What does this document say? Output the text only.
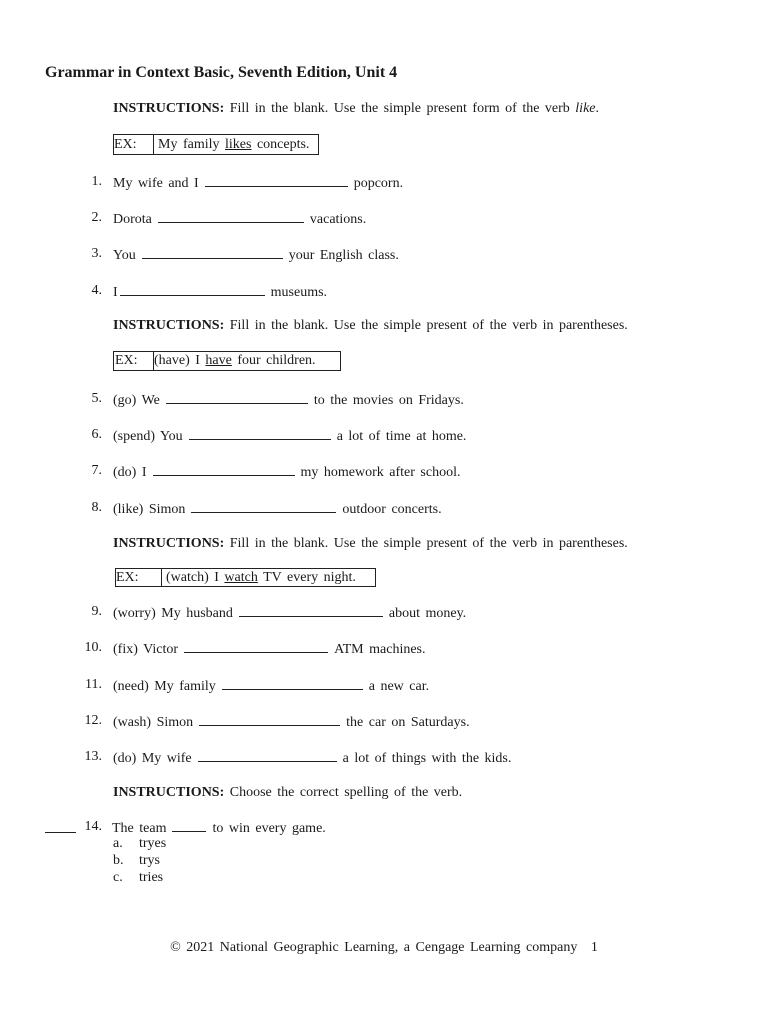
Grammar in Context Basic, Seventh Edition, Unit 4
INSTRUCTIONS: Fill in the blank. Use the simple present form of the verb like.
EX:	My family likes concepts.
1. My wife and I	popcorn.
2. Dorota	vacations.
3. You	your English class.
4. I	museums.
INSTRUCTIONS: Fill in the blank. Use the simple present of the verb in parentheses.
EX:	(have) I have four children.
5. (go) We	to the movies on Fridays.
6. (spend) You	a lot of time at home.
7. (do) I	my homework after school.
8. (like) Simon	outdoor concerts.
INSTRUCTIONS: Fill in the blank. Use the simple present of the verb in parentheses.
EX:	(watch) I watch TV every night.
9. (worry) My husband	about money.
10. (fix) Victor	ATM machines.
11. (need) My family	a new car.
12. (wash) Simon	the car on Saturdays.
13. (do) My wife	a lot of things with the kids.
INSTRUCTIONS: Choose the correct spelling of the verb.
14. The team	to win every game.
a. tryes
b. trys
c. tries
© 2021 National Geographic Learning, a Cengage Learning company 1
